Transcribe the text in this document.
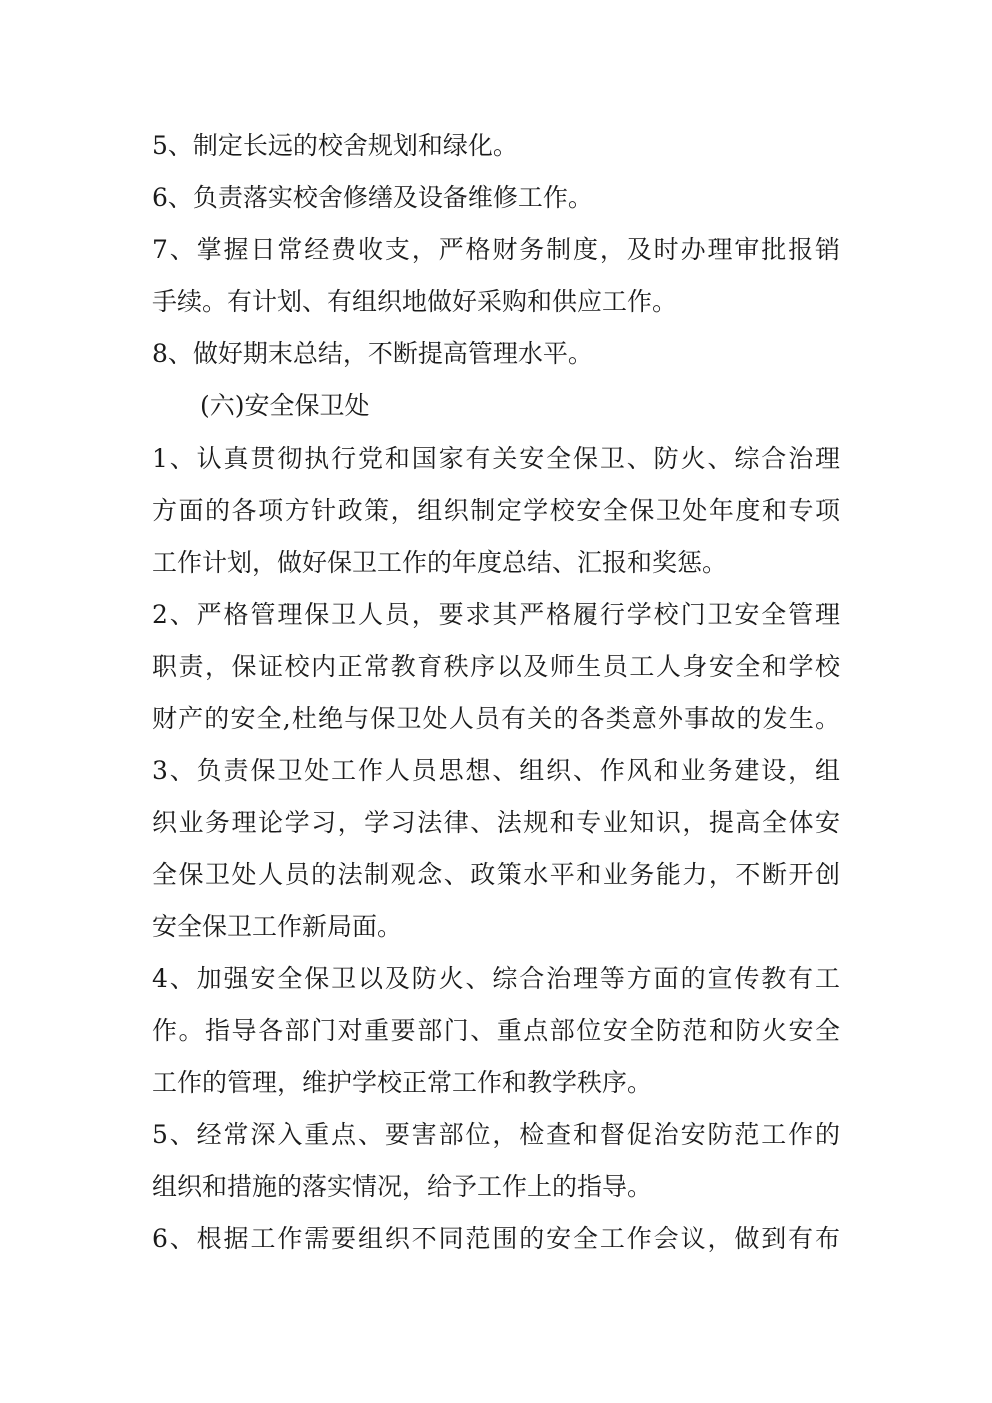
5、制定长远的校舍规划和绿化。
6、负责落实校舍修缮及设备维修工作。
7、掌握日常经费收支，严格财务制度，及时办理审批报销
手续。有计划、有组织地做好采购和供应工作。
8、做好期末总结，不断提高管理水平。
(六)安全保卫处
1、认真贯彻执行党和国家有关安全保卫、防火、综合治理
方面的各项方针政策，组织制定学校安全保卫处年度和专项
工作计划，做好保卫工作的年度总结、汇报和奖惩。
2、严格管理保卫人员，要求其严格履行学校门卫安全管理
职责，保证校内正常教育秩序以及师生员工人身安全和学校
财产的安全,杜绝与保卫处人员有关的各类意外事故的发生。
3、负责保卫处工作人员思想、组织、作风和业务建设，组
织业务理论学习，学习法律、法规和专业知识，提高全体安
全保卫处人员的法制观念、政策水平和业务能力，不断开创
安全保卫工作新局面。
4、加强安全保卫以及防火、综合治理等方面的宣传教有工
作。指导各部门对重要部门、重点部位安全防范和防火安全
工作的管理，维护学校正常工作和教学秩序。
5、经常深入重点、要害部位，检查和督促治安防范工作的
组织和措施的落实情况，给予工作上的指导。
6、根据工作需要组织不同范围的安全工作会议，做到有布
